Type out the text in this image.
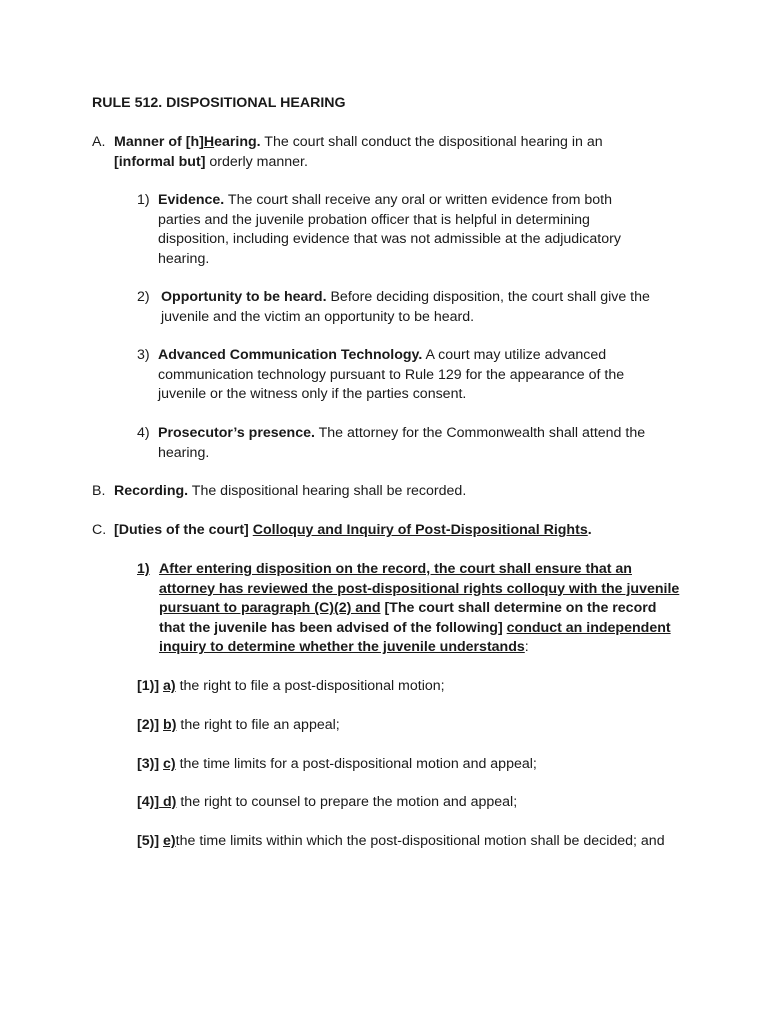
RULE 512. DISPOSITIONAL HEARING
A. Manner of [h]Hearing. The court shall conduct the dispositional hearing in an
[informal but] orderly manner.
1) Evidence. The court shall receive any oral or written evidence from both parties and the juvenile probation officer that is helpful in determining disposition, including evidence that was not admissible at the adjudicatory hearing.
2) Opportunity to be heard. Before deciding disposition, the court shall give the juvenile and the victim an opportunity to be heard.
3) Advanced Communication Technology. A court may utilize advanced communication technology pursuant to Rule 129 for the appearance of the juvenile or the witness only if the parties consent.
4) Prosecutor’s presence. The attorney for the Commonwealth shall attend the hearing.
B. Recording. The dispositional hearing shall be recorded.
C. [Duties of the court] Colloquy and Inquiry of Post-Dispositional Rights.
1) After entering disposition on the record, the court shall ensure that an attorney has reviewed the post-dispositional rights colloquy with the juvenile pursuant to paragraph (C)(2) and [The court shall determine on the record that the juvenile has been advised of the following] conduct an independent inquiry to determine whether the juvenile understands:
[1)] a) the right to file a post-dispositional motion;
[2)] b) the right to file an appeal;
[3)] c) the time limits for a post-dispositional motion and appeal;
[4)] d) the right to counsel to prepare the motion and appeal;
[5)] e)the time limits within which the post-dispositional motion shall be decided; and
